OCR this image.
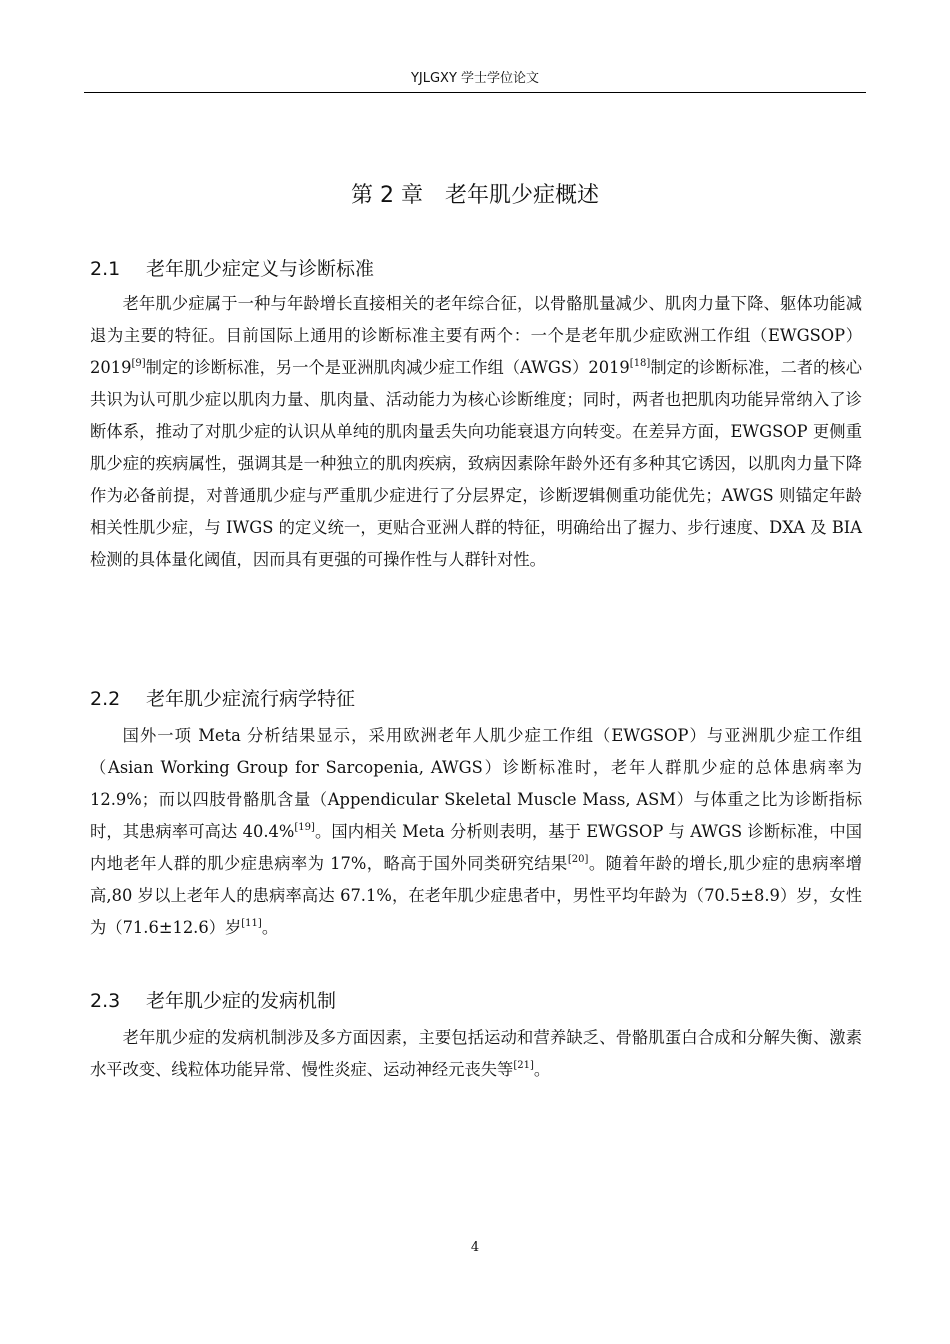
YJLGXY 学士学位论文
第 2 章 老年肌少症概述
2.1 老年肌少症定义与诊断标准

老年肌少症属于一种与年龄增长直接相关的老年综合征，以骨骼肌量减少、肌肉力量下降、躯体功能减退为主要的特征。目前国际上通用的诊断标准主要有两个：一个是老年肌少症欧洲工作组（EWGSOP）2019[9]制定的诊断标准，另一个是亚洲肌肉减少症工作组（AWGS）2019[18]制定的诊断标准，二者的核心共识为认可肌少症以肌肉力量、肌肉量、活动能力为核心诊断维度；同时，两者也把肌肉功能异常纳入了诊断体系，推动了对肌少症的认识从单纯的肌肉量丢失向功能衰退方向转变。在差异方面，EWGSOP 更侧重肌少症的疾病属性，强调其是一种独立的肌肉疾病，致病因素除年龄外还有多种其它诱因，以肌肉力量下降作为必备前提，对普通肌少症与严重肌少症进行了分层界定，诊断逻辑侧重功能优先；AWGS 则锚定年龄相关性肌少症，与 IWGS 的定义统一，更贴合亚洲人群的特征，明确给出了握力、步行速度、DXA 及 BIA 检测的具体量化阈值，因而具有更强的可操作性与人群针对性。

2.2 老年肌少症流行病学特征

国外一项 Meta 分析结果显示，采用欧洲老年人肌少症工作组（EWGSOP）与亚洲肌少症工作组（Asian Working Group for Sarcopenia, AWGS）诊断标准时，老年人群肌少症的总体患病率为 12.9%；而以四肢骨骼肌含量（Appendicular Skeletal Muscle Mass, ASM）与体重之比为诊断指标时，其患病率可高达 40.4%[19]。国内相关 Meta 分析则表明，基于 EWGSOP 与 AWGS 诊断标准，中国内地老年人群的肌少症患病率为 17%，略高于国外同类研究结果[20]。随着年龄的增长,肌少症的患病率增高,80 岁以上老年人的患病率高达 67.1%，在老年肌少症患者中，男性平均年龄为（70.5±8.9）岁，女性为（71.6±12.6）岁[11]。

2.3 老年肌少症的发病机制

老年肌少症的发病机制涉及多方面因素，主要包括运动和营养缺乏、骨骼肌蛋白合成和分解失衡、激素水平改变、线粒体功能异常、慢性炎症、运动神经元丧失等[21]。

4
